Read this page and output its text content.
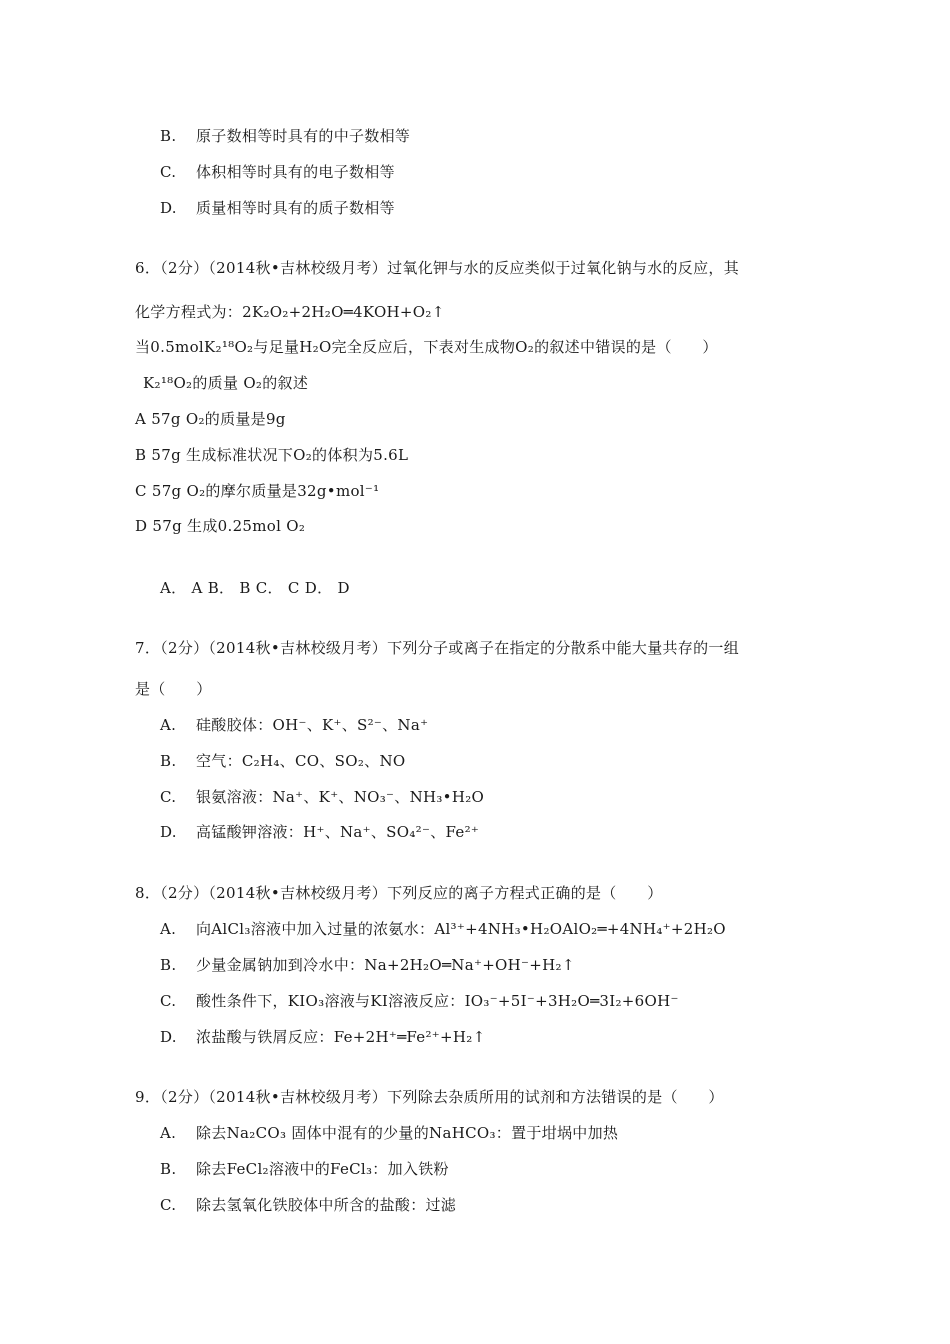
B. 原子数相等时具有的中子数相等
C. 体积相等时具有的电子数相等
D. 质量相等时具有的质子数相等
6．（2分）（2014秋•吉林校级月考）过氧化钾与水的反应类似于过氧化钠与水的反应，其
化学方程式为：2K₂O₂+2H₂O═4KOH+O₂↑
当0.5molK₂¹⁸O₂与足量H₂O完全反应后，下表对生成物O₂的叙述中错误的是（　　）
K₂¹⁸O₂的质量 O₂的叙述
A 57g O₂的质量是9g
B 57g 生成标准状况下O₂的体积为5.6L
C 57g O₂的摩尔质量是32g•mol⁻¹
D 57g 生成0.25mol O₂
A． A B． B C． C D． D
7．（2分）（2014秋•吉林校级月考）下列分子或离子在指定的分散系中能大量共存的一组
是（　　）
A. 硅酸胶体：OH⁻、K⁺、S²⁻、Na⁺
B. 空气：C₂H₄、CO、SO₂、NO
C. 银氨溶液：Na⁺、K⁺、NO₃⁻、NH₃•H₂O
D. 高锰酸钾溶液：H⁺、Na⁺、SO₄²⁻、Fe²⁺
8．（2分）（2014秋•吉林校级月考）下列反应的离子方程式正确的是（　　）
A. 向AlCl₃溶液中加入过量的浓氨水：Al³⁺+4NH₃•H₂OAlO₂═+4NH₄⁺+2H₂O
B. 少量金属钠加到冷水中：Na+2H₂O═Na⁺+OH⁻+H₂↑
C. 酸性条件下，KIO₃溶液与KI溶液反应：IO₃⁻+5I⁻+3H₂O═3I₂+6OH⁻
D. 浓盐酸与铁屑反应：Fe+2H⁺═Fe²⁺+H₂↑
9．（2分）（2014秋•吉林校级月考）下列除去杂质所用的试剂和方法错误的是（　　）
A. 除去Na₂CO₃ 固体中混有的少量的NaHCO₃：置于坩埚中加热
B. 除去FeCl₂溶液中的FeCl₃：加入铁粉
C. 除去氢氧化铁胶体中所含的盐酸：过滤
